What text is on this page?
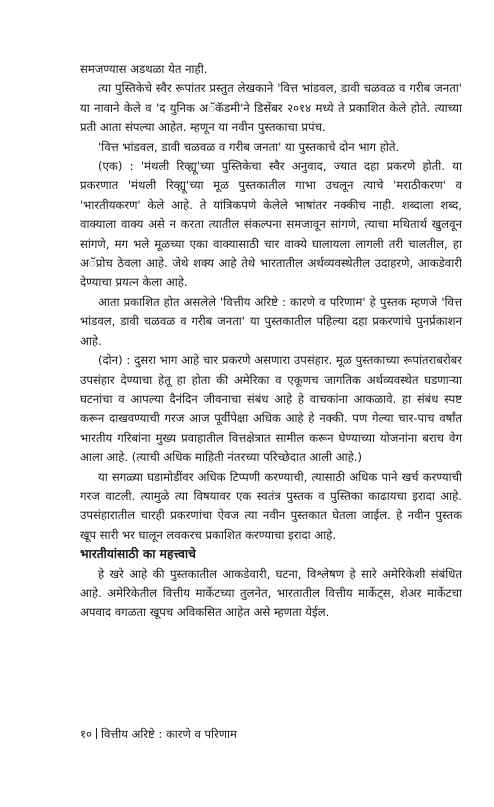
समजण्यास अडथळा येत नाही.

त्या पुस्तिकेचे स्वैर रूपांतर प्रस्तुत लेखकाने 'वित्त भांडवल, डावी चळवळ व गरीब जनता' या नावाने केले व 'द युनिक अॅकॅडमी'ने डिसेंबर २०१४ मध्ये ते प्रकाशित केले होते. त्याच्या प्रती आता संपल्या आहेत. म्हणून या नवीन पुस्तकाचा प्रपंच.

'वित्त भांडवल, डावी चळवळ व गरीब जनता' या पुस्तकाचे दोन भाग होते.

(एक) : 'मंथली रिव्ह्यू'च्या पुस्तिकेचा स्वैर अनुवाद, ज्यात दहा प्रकरणे होती. या प्रकरणात 'मंथली रिव्ह्यू'च्या मूळ पुस्तकातील गाभा उचलून त्याचे 'मराठीकरण' व 'भारतीयकरण' केले आहे. ते यांत्रिकपणे केलेले भाषांतर नक्कीच नाही. शब्दाला शब्द, वाक्याला वाक्य असे न करता त्यातील संकल्पना समजावून सांगणे, त्याचा मथितार्थ खुलवून सांगणे, मग भले मूळच्या एका वाक्यासाठी चार वाक्ये घालायला लागली तरी चालतील, हा अॅप्रोच ठेवला आहे. जेथे शक्य आहे तेथे भारतातील अर्थव्यवस्थेतील उदाहरणे, आकडेवारी देण्याचा प्रयत्न केला आहे.

आता प्रकाशित होत असलेले 'वित्तीय अरिष्टे : कारणे व परिणाम' हे पुस्तक म्हणजे 'वित्त भांडवल, डावी चळवळ व गरीब जनता' या पुस्तकातील पहिल्या दहा प्रकरणांचे पुनर्प्रकाशन आहे.

(दोन) : दुसरा भाग आहे चार प्रकरणे असणारा उपसंहार. मूळ पुस्तकाच्या रूपांतराबरोबर उपसंहार देण्याचा हेतू हा होता की अमेरिका व एकूणच जागतिक अर्थव्यवस्थेत घडणाऱ्या घटनांचा व आपल्या दैनंदिन जीवनाचा संबंध आहे हे वाचकांना आकळावे. हा संबंध स्पष्ट करून दाखवण्याची गरज आज पूर्वीपेक्षा अधिक आहे हे नक्की. पण गेल्या चार-पाच वर्षांत भारतीय गरिबांना मुख्य प्रवाहातील वित्तक्षेत्रात सामील करून घेण्याच्या योजनांना बराच वेग आला आहे. (त्याची अधिक माहिती नंतरच्या परिच्छेदात आली आहे.)

या सगळ्या घडामोडींवर अधिक टिप्पणी करण्याची, त्यासाठी अधिक पाने खर्च करण्याची गरज वाटली. त्यामुळे त्या विषयावर एक स्वतंत्र पुस्तक व पुस्तिका काढायचा इरादा आहे. उपसंहारातील चारही प्रकरणांचा ऐवज त्या नवीन पुस्तकात घेतला जाईल. हे नवीन पुस्तक खूप सारी भर घालून लवकरच प्रकाशित करण्याचा इरादा आहे.

भारतीयांसाठी का महत्त्वाचे

हे खरे आहे की पुस्तकातील आकडेवारी, घटना, विश्लेषण हे सारे अमेरिकेशी संबंधित आहे. अमेरिकेतील वित्तीय मार्केटच्या तुलनेत, भारतातील वित्तीय मार्केट्स, शेअर मार्केटचा अपवाद वगळता खूपच अविकसित आहेत असे म्हणता येईल.

१० वित्तीय अरिष्टे : कारणे व परिणाम
